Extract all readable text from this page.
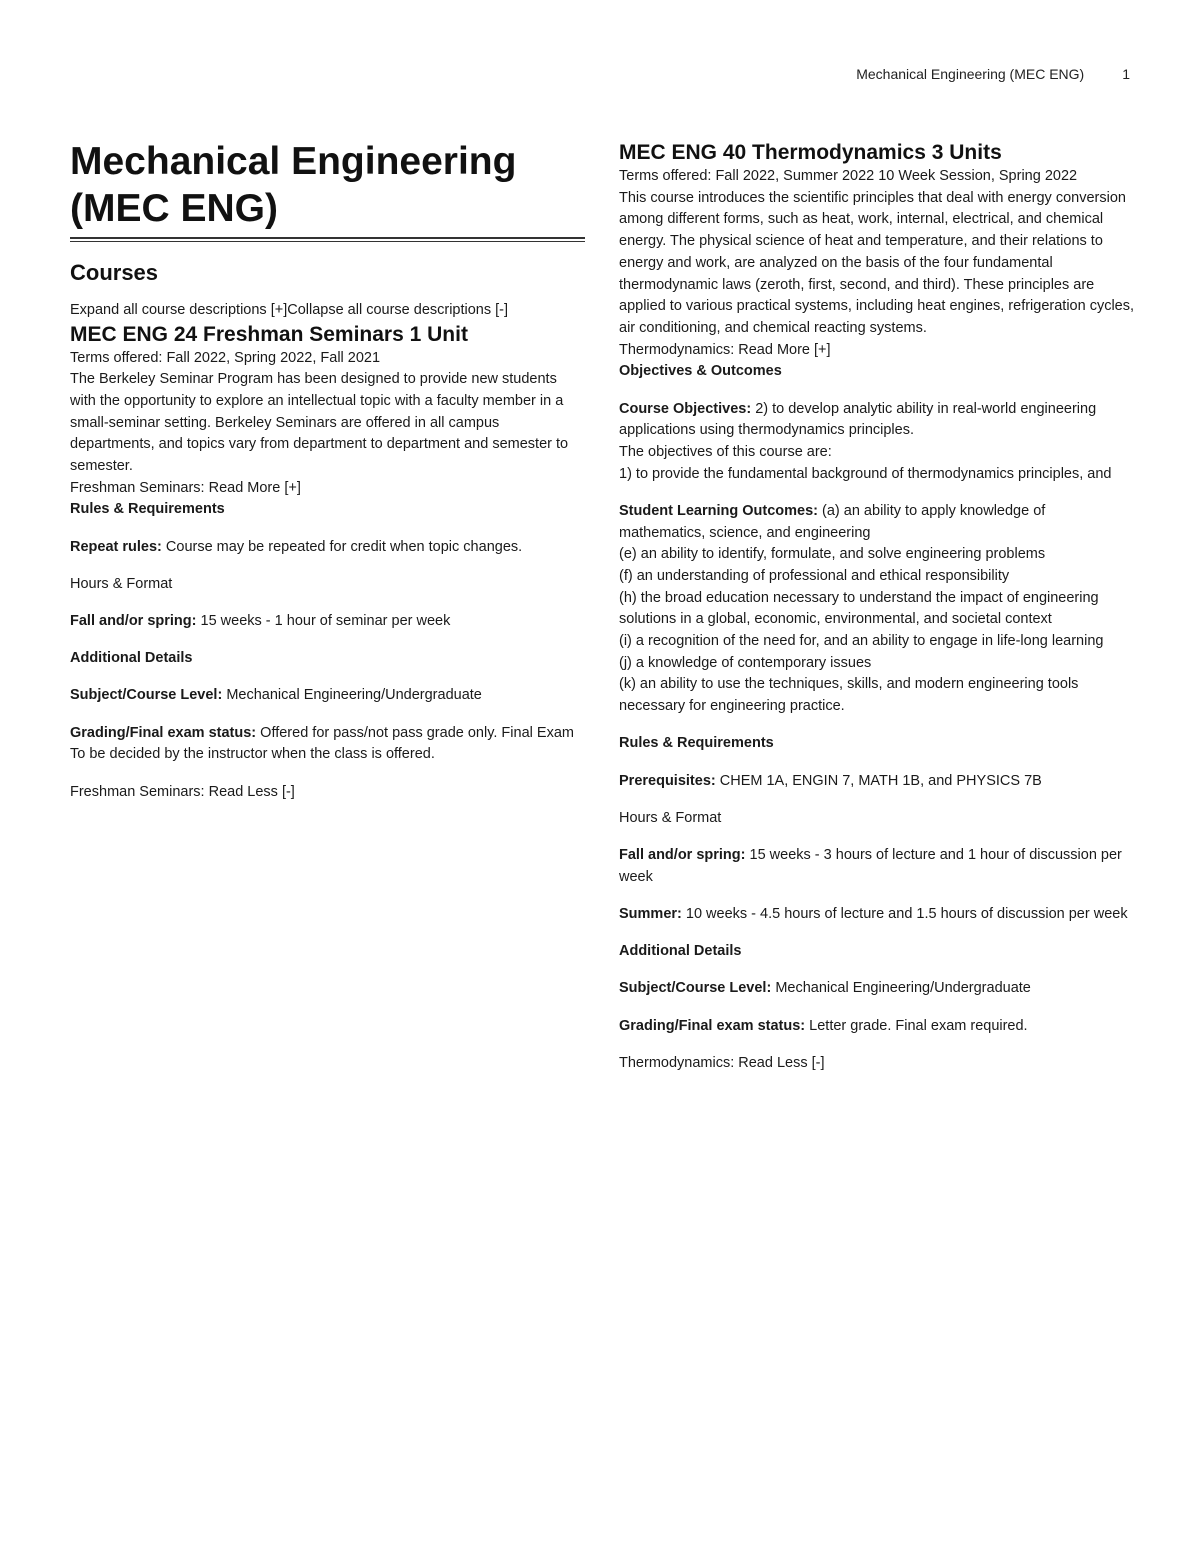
Mechanical Engineering (MEC ENG)	1
Mechanical Engineering
(MEC ENG)
Courses
Expand all course descriptions [+]Collapse all course descriptions [-]
MEC ENG 24 Freshman Seminars 1 Unit

Terms offered: Fall 2022, Spring 2022, Fall 2021

The Berkeley Seminar Program has been designed to provide new students with the opportunity to explore an intellectual topic with a faculty member in a small-seminar setting. Berkeley Seminars are offered in all campus departments, and topics vary from department to department and semester to semester.

Freshman Seminars: Read More [+]

Rules & Requirements

Repeat rules: Course may be repeated for credit when topic changes.

Hours & Format

Fall and/or spring: 15 weeks - 1 hour of seminar per week

Additional Details

Subject/Course Level: Mechanical Engineering/Undergraduate

Grading/Final exam status: Offered for pass/not pass grade only. Final Exam To be decided by the instructor when the class is offered.

Freshman Seminars: Read Less [-]

MEC ENG 40 Thermodynamics 3 Units

Terms offered: Fall 2022, Summer 2022 10 Week Session, Spring 2022

This course introduces the scientific principles that deal with energy conversion among different forms, such as heat, work, internal, electrical, and chemical energy. The physical science of heat and temperature, and their relations to energy and work, are analyzed on the basis of the four fundamental thermodynamic laws (zeroth, first, second, and third). These principles are applied to various practical systems, including heat engines, refrigeration cycles, air conditioning, and chemical reacting systems.

Thermodynamics: Read More [+]

Objectives & Outcomes

Course Objectives: 2) to develop analytic ability in real-world engineering applications using thermodynamics principles.

The objectives of this course are:

1) to provide the fundamental background of thermodynamics principles, and

Student Learning Outcomes: (a) an ability to apply knowledge of mathematics, science, and engineering

(e) an ability to identify, formulate, and solve engineering problems

(f) an understanding of professional and ethical responsibility

(h) the broad education necessary to understand the impact of engineering solutions in a global, economic, environmental, and societal context

(i) a recognition of the need for, and an ability to engage in life-long learning

(j) a knowledge of contemporary issues

(k) an ability to use the techniques, skills, and modern engineering tools necessary for engineering practice.

Rules & Requirements

Prerequisites: CHEM 1A, ENGIN 7, MATH 1B, and PHYSICS 7B

Hours & Format

Fall and/or spring: 15 weeks - 3 hours of lecture and 1 hour of discussion per week

Summer: 10 weeks - 4.5 hours of lecture and 1.5 hours of discussion per week

Additional Details

Subject/Course Level: Mechanical Engineering/Undergraduate

Grading/Final exam status: Letter grade. Final exam required.

Thermodynamics: Read Less [-]
